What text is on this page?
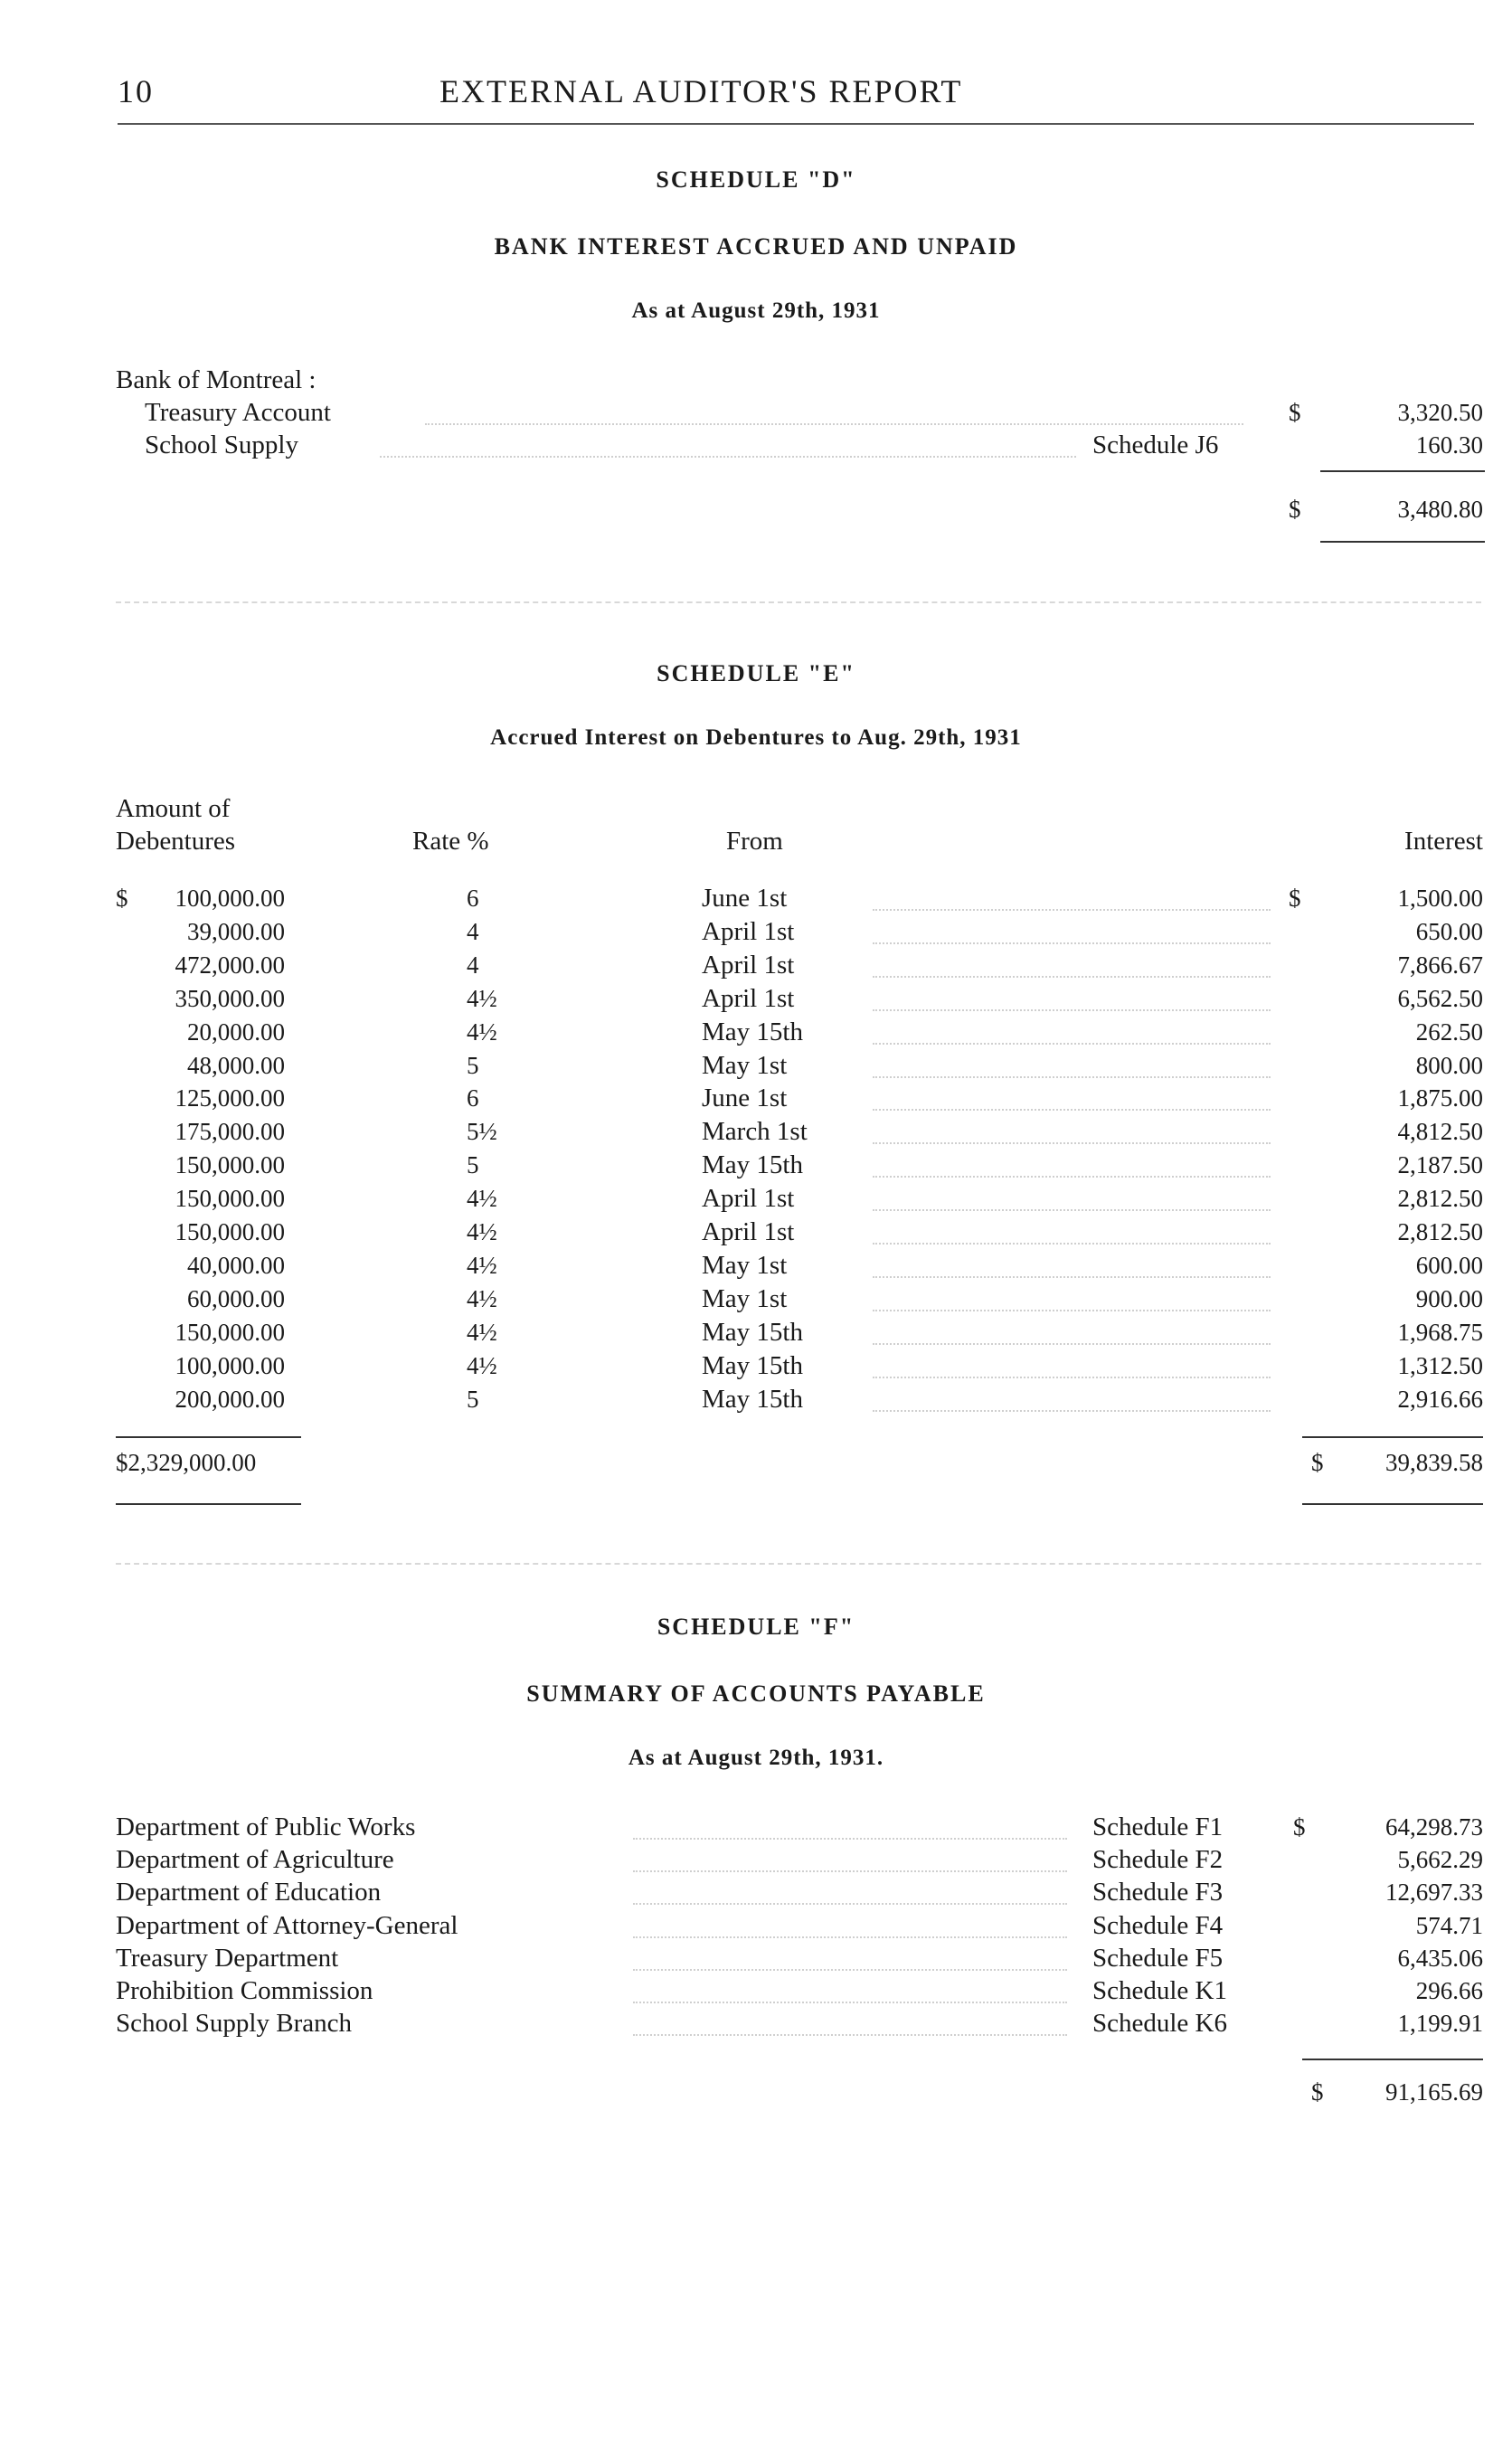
10	EXTERNAL AUDITOR'S REPORT
SCHEDULE "D"
BANK INTEREST ACCRUED AND UNPAID
As at August 29th, 1931
Bank of Montreal :
Treasury Account	$	3,320.50
School Supply	Schedule J6	160.30
$	3,480.80
SCHEDULE "E"
Accrued Interest on Debentures to Aug. 29th, 1931
Amount of
Debentures	Rate %	From	Interest
$	100,000.00	6	June 1st	$	1,500.00
39,000.00	4	April 1st	650.00
472,000.00	4	April 1st	7,866.67
350,000.00	4½	April 1st	6,562.50
20,000.00	4½	May 15th	262.50
48,000.00	5	May 1st	800.00
125,000.00	6	June 1st	1,875.00
175,000.00	5½	March 1st	4,812.50
150,000.00	5	May 15th	2,187.50
150,000.00	4½	April 1st	2,812.50
150,000.00	4½	April 1st	2,812.50
40,000.00	4½	May 1st	600.00
60,000.00	4½	May 1st	900.00
150,000.00	4½	May 15th	1,968.75
100,000.00	4½	May 15th	1,312.50
200,000.00	5	May 15th	2,916.66
$2,329,000.00	$	39,839.58
SCHEDULE "F"
SUMMARY OF ACCOUNTS PAYABLE
As at August 29th, 1931.
Department of Public Works	Schedule F1	$	64,298.73
Department of Agriculture	Schedule F2	5,662.29
Department of Education	Schedule F3	12,697.33
Department of Attorney-General	Schedule F4	574.71
Treasury Department	Schedule F5	6,435.06
Prohibition Commission	Schedule K1	296.66
School Supply Branch	Schedule K6	1,199.91
$	91,165.69
